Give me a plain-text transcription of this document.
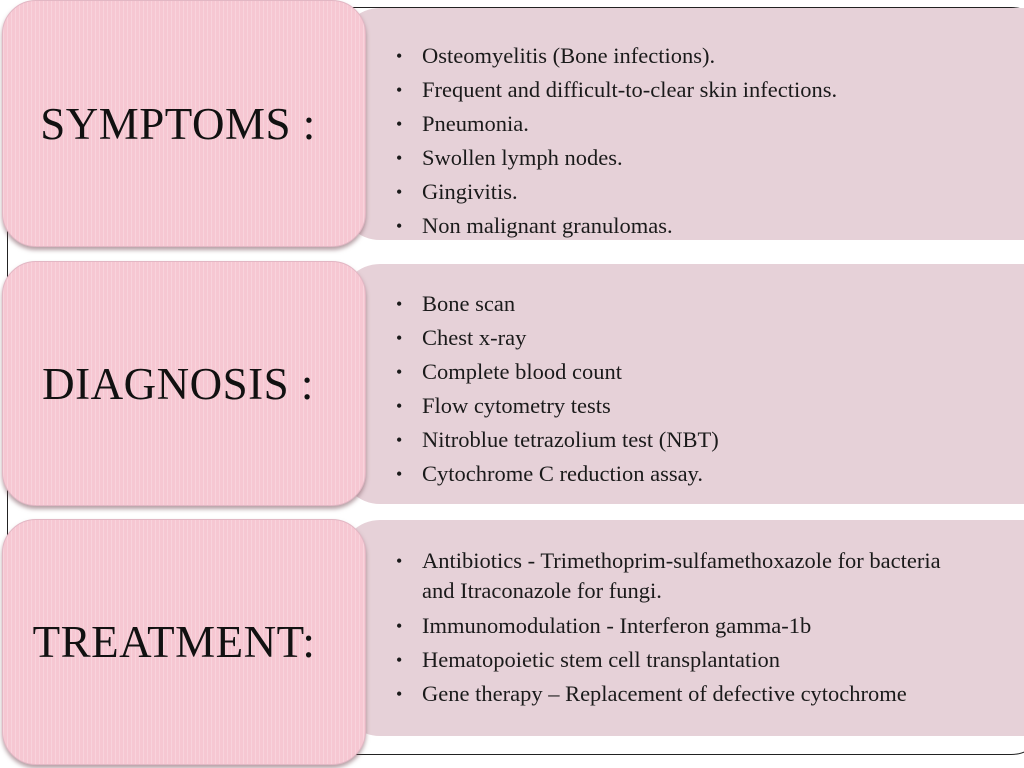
• Osteomyelitis (Bone infections).
• Frequent and difficult-to-clear skin infections.
• Pneumonia.
• Swollen lymph nodes.
• Gingivitis.
• Non malignant granulomas.
SYMPTOMS :
• Bone scan
• Chest x-ray
• Complete blood count
• Flow cytometry tests
• Nitroblue tetrazolium test (NBT)
• Cytochrome C reduction assay.
DIAGNOSIS :
• Antibiotics - Trimethoprim-sulfamethoxazole for bacteria and Itraconazole for fungi.
• Immunomodulation - Interferon gamma-1b
• Hematopoietic stem cell transplantation
• Gene therapy – Replacement of defective cytochrome
TREATMENT:
